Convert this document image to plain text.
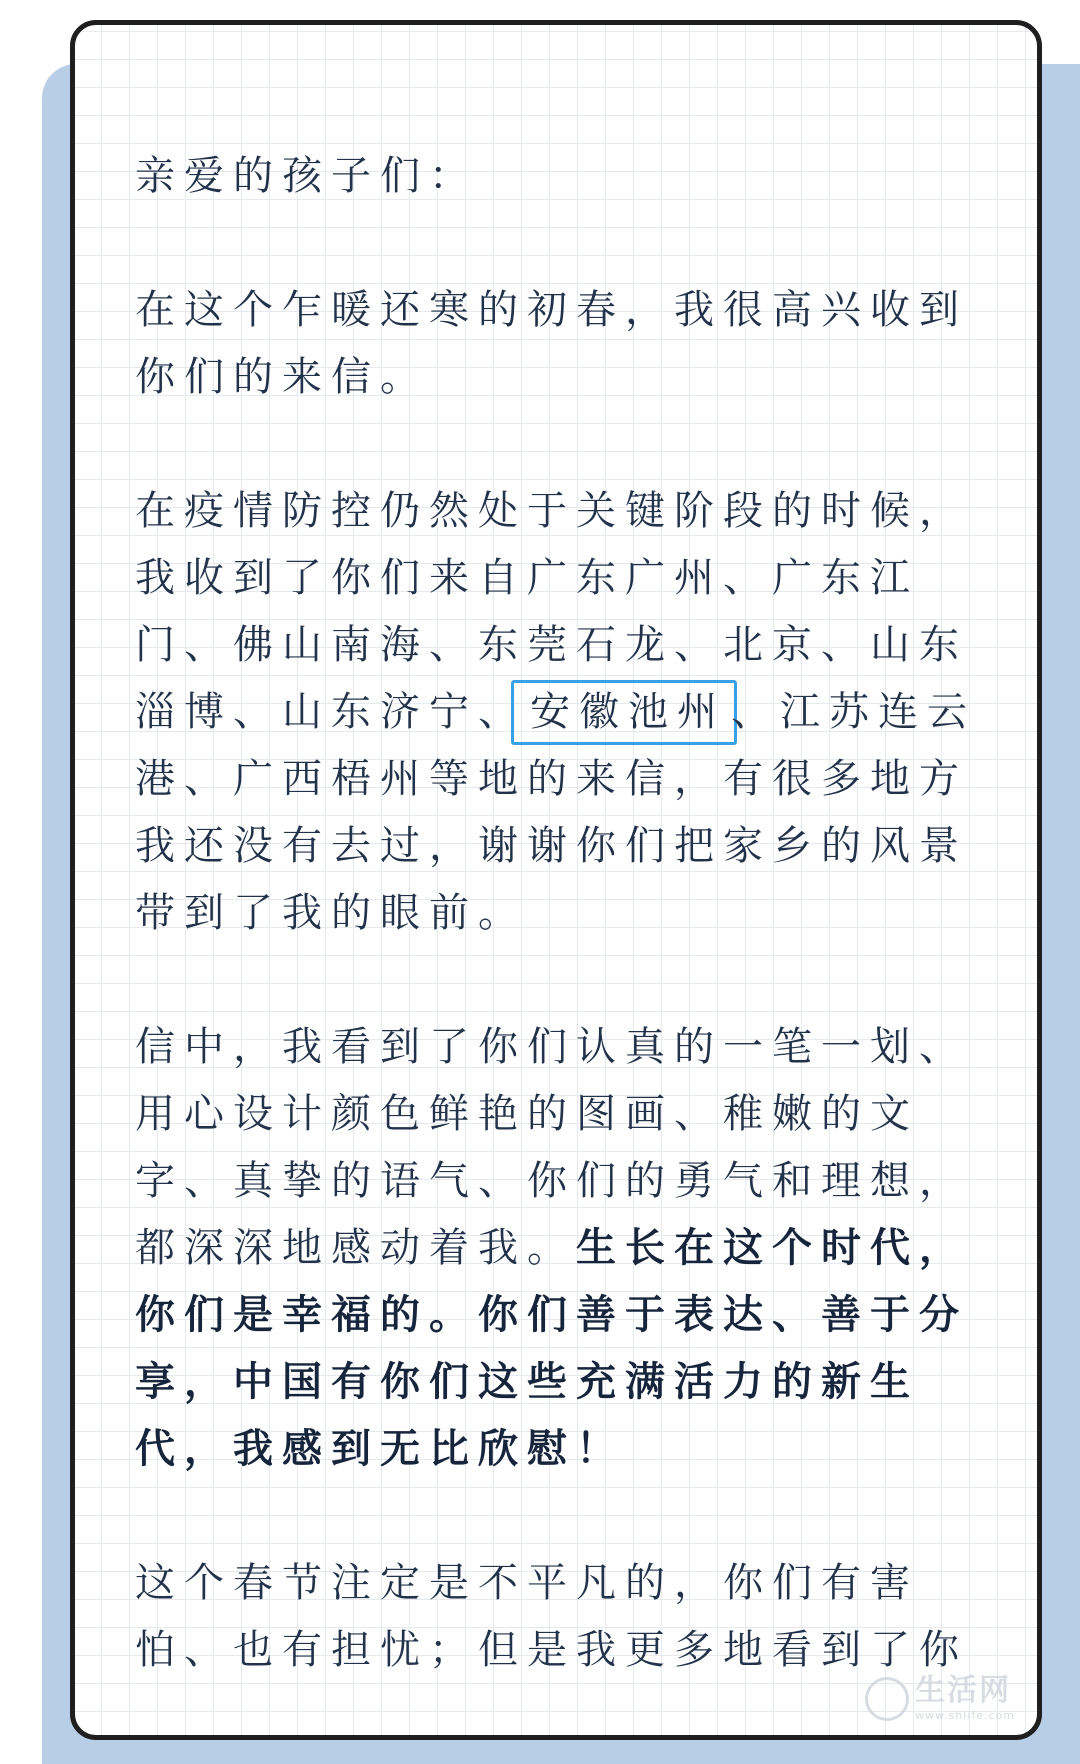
亲爱的孩子们：

在这个乍暖还寒的初春，我很高兴收到你们的来信。

在疫情防控仍然处于关键阶段的时候，我收到了你们来自广东广州、广东江门、佛山南海、东莞石龙、北京、山东淄博、山东济宁、安徽池州 、江苏连云港、广西梧州等地的来信，有很多地方我还没有去过，谢谢你们把家乡的风景带到了我的眼前。

信中，我看到了你们认真的一笔一划、用心设计颜色鲜艳的图画、稚嫩的文字、真挚的语气、你们的勇气和理想，都深深地感动着我。生长在这个时代，你们是幸福的。你们善于表达、善于分享，中国有你们这些充满活力的新生代，我感到无比欣慰！

这个春节注定是不平凡的，你们有害怕、也有担忧；但是我更多地看到了你

生活网
www.shlife.com
